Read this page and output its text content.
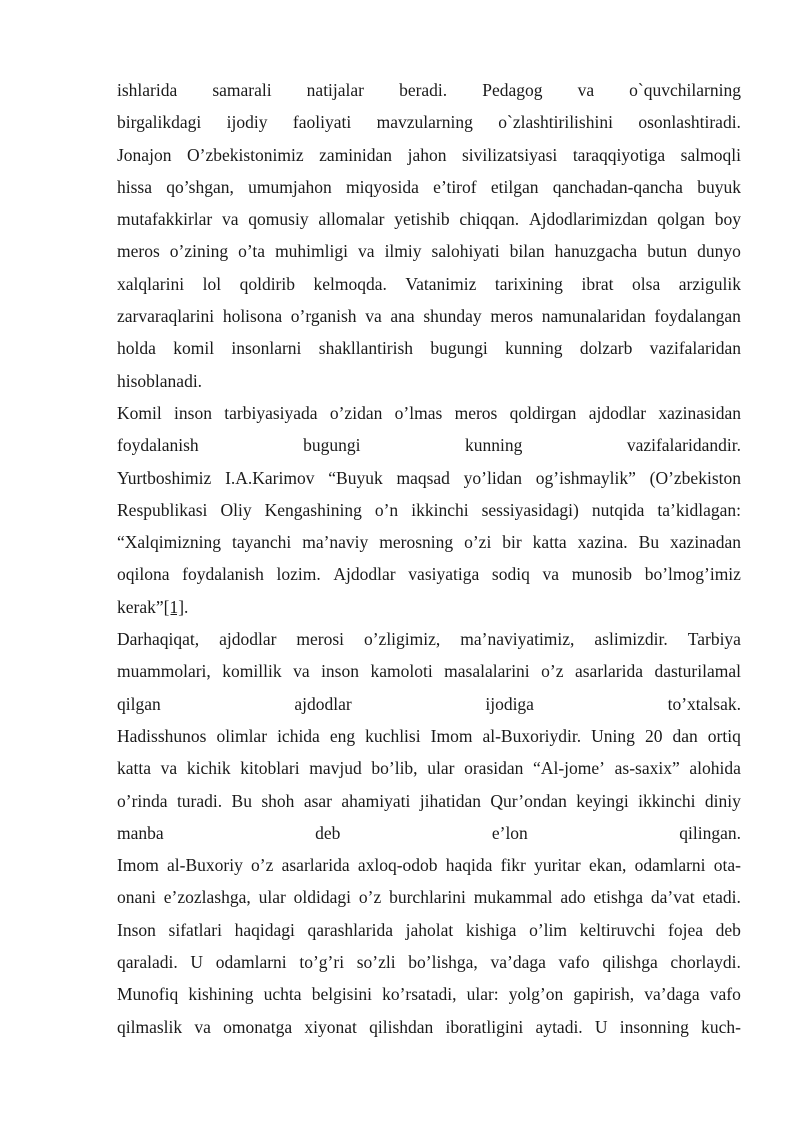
ishlarida samarali natijalar beradi. Pedagog va o`quvchilarning
birgalikdagi ijodiy faoliyati mavzularning o`zlashtirilishini osonlashtiradi.
Jonajon O’zbekistonimiz zaminidan jahon sivilizatsiyasi taraqqiyotiga salmoqli
hissa qo’shgan, umumjahon miqyosida e’tirof etilgan qanchadan-qancha buyuk
mutafakkirlar va qomusiy allomalar yetishib chiqqan. Ajdodlarimizdan qolgan boy
meros o’zining o’ta muhimligi va ilmiy salohiyati bilan hanuzgacha butun dunyo
xalqlarini lol qoldirib kelmoqda. Vatanimiz tarixining ibrat olsa arzigulik
zarvaraqlarini holisona o’rganish va ana shunday meros namunalaridan foydalangan
holda komil insonlarni shakllantirish bugungi kunning dolzarb vazifalaridan
hisoblanadi.
Komil inson tarbiyasiyada o’zidan o’lmas meros qoldirgan ajdodlar xazinasidan
foydalanish	bugungi	kunning	vazifalaridandir.
Yurtboshimiz I.A.Karimov “Buyuk maqsad yo’lidan og’ishmaylik” (O’zbekiston
Respublikasi Oliy Kengashining o’n ikkinchi sessiyasidagi) nutqida ta’kidlagan:
“Xalqimizning tayanchi ma’naviy merosning o’zi bir katta xazina. Bu xazinadan
oqilona foydalanish lozim. Ajdodlar vasiyatiga sodiq va munosib bo’lmog’imiz
kerak”[1].
Darhaqiqat, ajdodlar merosi o’zligimiz, ma’naviyatimiz, aslimizdir. Tarbiya
muammolari, komillik va inson kamoloti masalalarini o’z asarlarida dasturilamal
qilgan	ajdodlar	ijodiga	to’xtalsak.
Hadisshunos olimlar ichida eng kuchlisi Imom al-Buxoriydir. Uning 20 dan ortiq
katta va kichik kitoblari mavjud bo’lib, ular orasidan “Al-jome’ as-saxix” alohida
o’rinda turadi. Bu shoh asar ahamiyati jihatidan Qur’ondan keyingi ikkinchi diniy
manba	deb	e’lon	qilingan.
Imom al-Buxoriy o’z asarlarida axloq-odob haqida fikr yuritar ekan, odamlarni ota-
onani e’zozlashga, ular oldidagi o’z burchlarini mukammal ado etishga da’vat etadi.
Inson sifatlari haqidagi qarashlarida jaholat kishiga o’lim keltiruvchi fojea deb
qaraladi. U odamlarni to’g’ri so’zli bo’lishga, va’daga vafo qilishga chorlaydi.
Munofiq kishining uchta belgisini ko’rsatadi, ular: yolg’on gapirish, va’daga vafo
qilmaslik va omonatga xiyonat qilishdan iboratligini aytadi. U insonning kuch-
